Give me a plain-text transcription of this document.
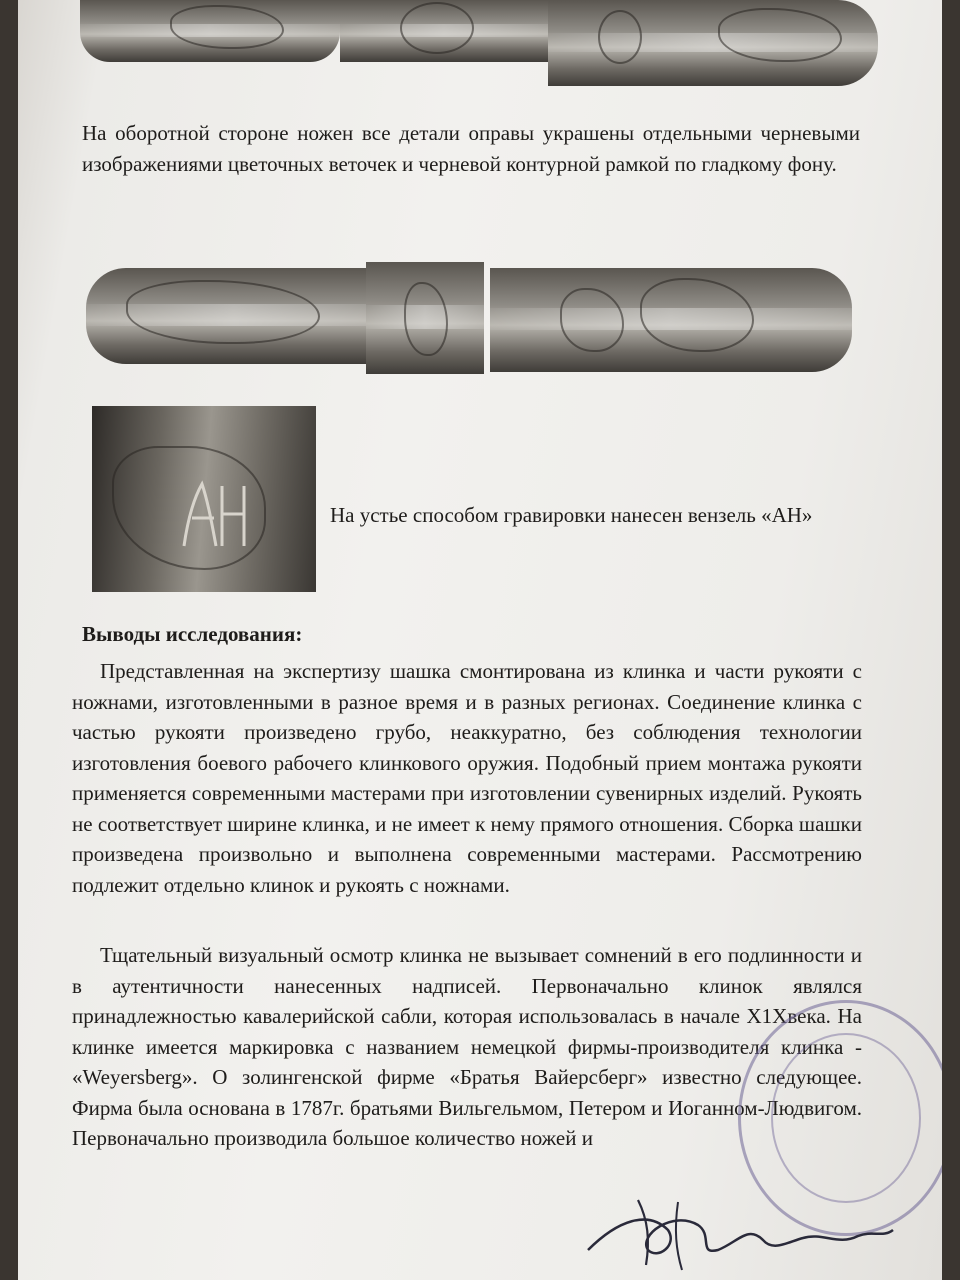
На оборотной стороне ножен все детали оправы украшены отдельными черневыми изображениями цветочных веточек и черневой контурной рамкой по гладкому фону.

На устье способом гравировки нанесен вензель «АН»

Выводы исследования:

Представленная на экспертизу шашка смонтирована из клинка и части рукояти с ножнами, изготовленными в разное время и в разных регионах. Соединение клинка с частью рукояти произведено грубо, неаккуратно, без соблюдения технологии изготовления боевого рабочего клинкового оружия. Подобный прием монтажа рукояти применяется современными мастерами при изготовлении сувенирных изделий. Рукоять не соответствует ширине клинка, и не имеет к нему прямого отношения. Сборка шашки произведена произвольно и выполнена современными мастерами. Рассмотрению подлежит отдельно клинок и рукоять с ножнами.

Тщательный визуальный осмотр клинка не вызывает сомнений в его подлинности и в аутентичности нанесенных надписей. Первоначально клинок являлся принадлежностью кавалерийской сабли, которая использовалась в начале Х1Хвека. На клинке имеется маркировка с названием немецкой фирмы-производителя клинка - «Weyersberg». О золингенской фирме «Братья Вайерсберг» известно следующее. Фирма была основана в 1787г. братьями Вильгельмом, Петером и Иоганном-Людвигом. Первоначально производила большое количество ножей и
